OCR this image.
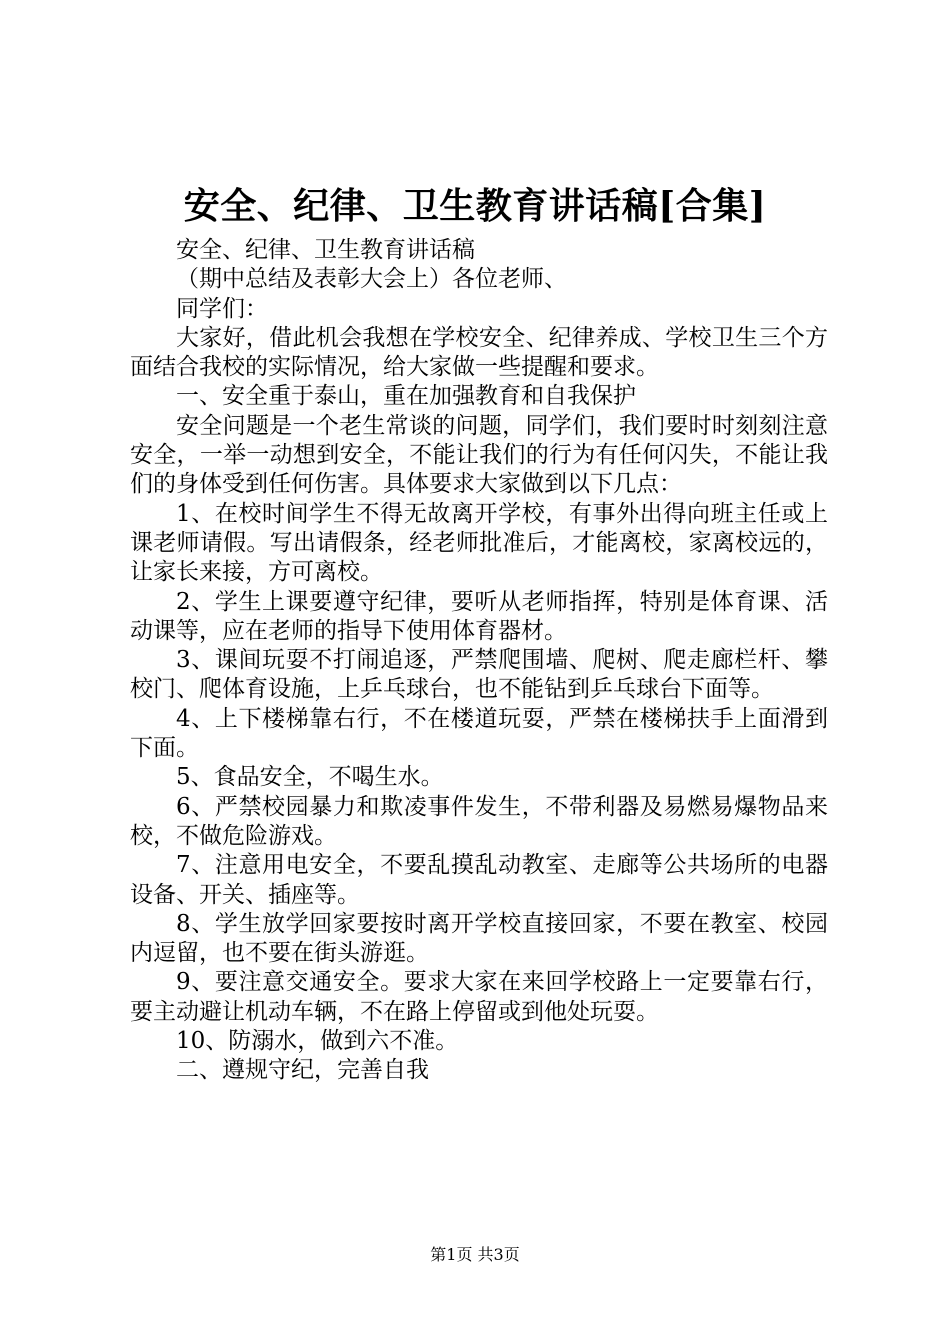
安全、纪律、卫生教育讲话稿[合集]

安全、纪律、卫生教育讲话稿

（期中总结及表彰大会上）各位老师、

同学们：

大家好，借此机会我想在学校安全、纪律养成、学校卫生三个方面结合我校的实际情况，给大家做一些提醒和要求。

一、安全重于泰山，重在加强教育和自我保护

安全问题是一个老生常谈的问题，同学们，我们要时时刻刻注意安全，一举一动想到安全，不能让我们的行为有任何闪失，不能让我们的身体受到任何伤害。具体要求大家做到以下几点：

1、在校时间学生不得无故离开学校，有事外出得向班主任或上课老师请假。写出请假条，经老师批准后，才能离校，家离校远的，让家长来接，方可离校。

2、学生上课要遵守纪律，要听从老师指挥，特别是体育课、活动课等，应在老师的指导下使用体育器材。

3、课间玩耍不打闹追逐，严禁爬围墙、爬树、爬走廊栏杆、攀校门、爬体育设施，上乒乓球台，也不能钻到乒乓球台下面等。

4、上下楼梯靠右行，不在楼道玩耍，严禁在楼梯扶手上面滑到下面。

5、食品安全，不喝生水。

6、严禁校园暴力和欺凌事件发生，不带利器及易燃易爆物品来校，不做危险游戏。

7、注意用电安全，不要乱摸乱动教室、走廊等公共场所的电器设备、开关、插座等。

8、学生放学回家要按时离开学校直接回家，不要在教室、校园内逗留，也不要在街头游逛。

9、要注意交通安全。要求大家在来回学校路上一定要靠右行，要主动避让机动车辆，不在路上停留或到他处玩耍。

10、防溺水，做到六不准。

二、遵规守纪，完善自我

第1页 共3页
